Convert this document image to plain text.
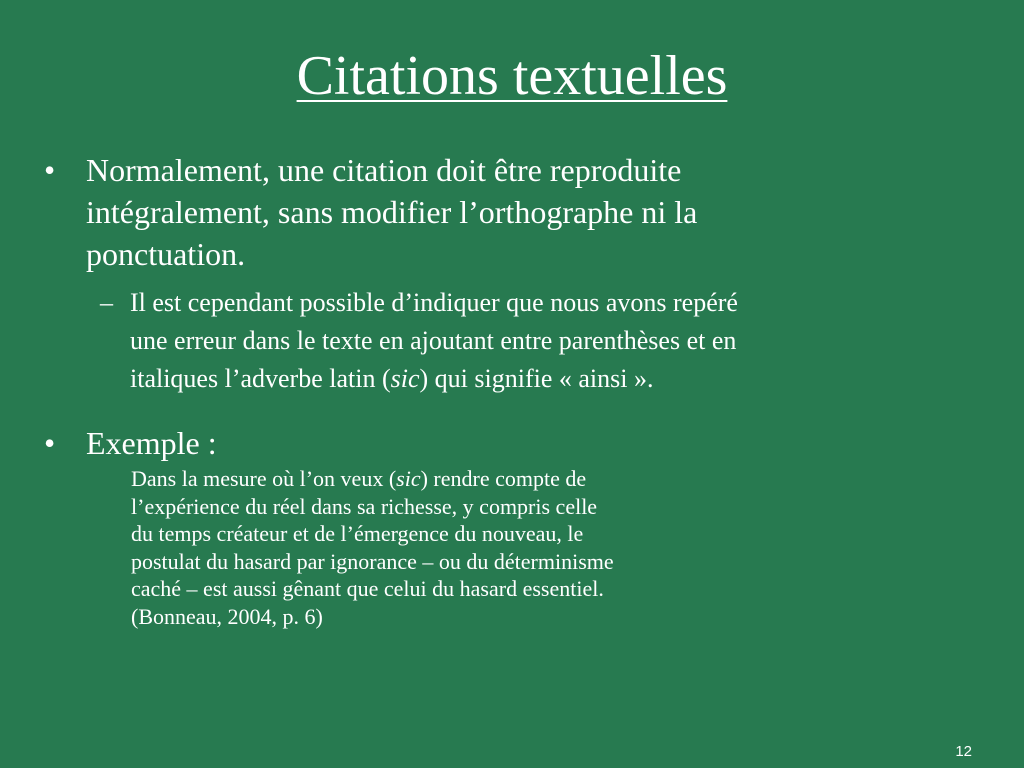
Citations textuelles
• Normalement, une citation doit être reproduite
intégralement, sans modifier l’orthographe ni la
ponctuation.
– Il est cependant possible d’indiquer que nous avons repéré
une erreur dans le texte en ajoutant entre parenthèses et en
italiques l’adverbe latin (sic) qui signifie « ainsi ».
• Exemple :
Dans la mesure où l’on veux (sic) rendre compte de
l’expérience du réel dans sa richesse, y compris celle
du temps créateur et de l’émergence du nouveau, le
postulat du hasard par ignorance – ou du déterminisme
caché – est aussi gênant que celui du hasard essentiel.
(Bonneau, 2004, p. 6)
12
